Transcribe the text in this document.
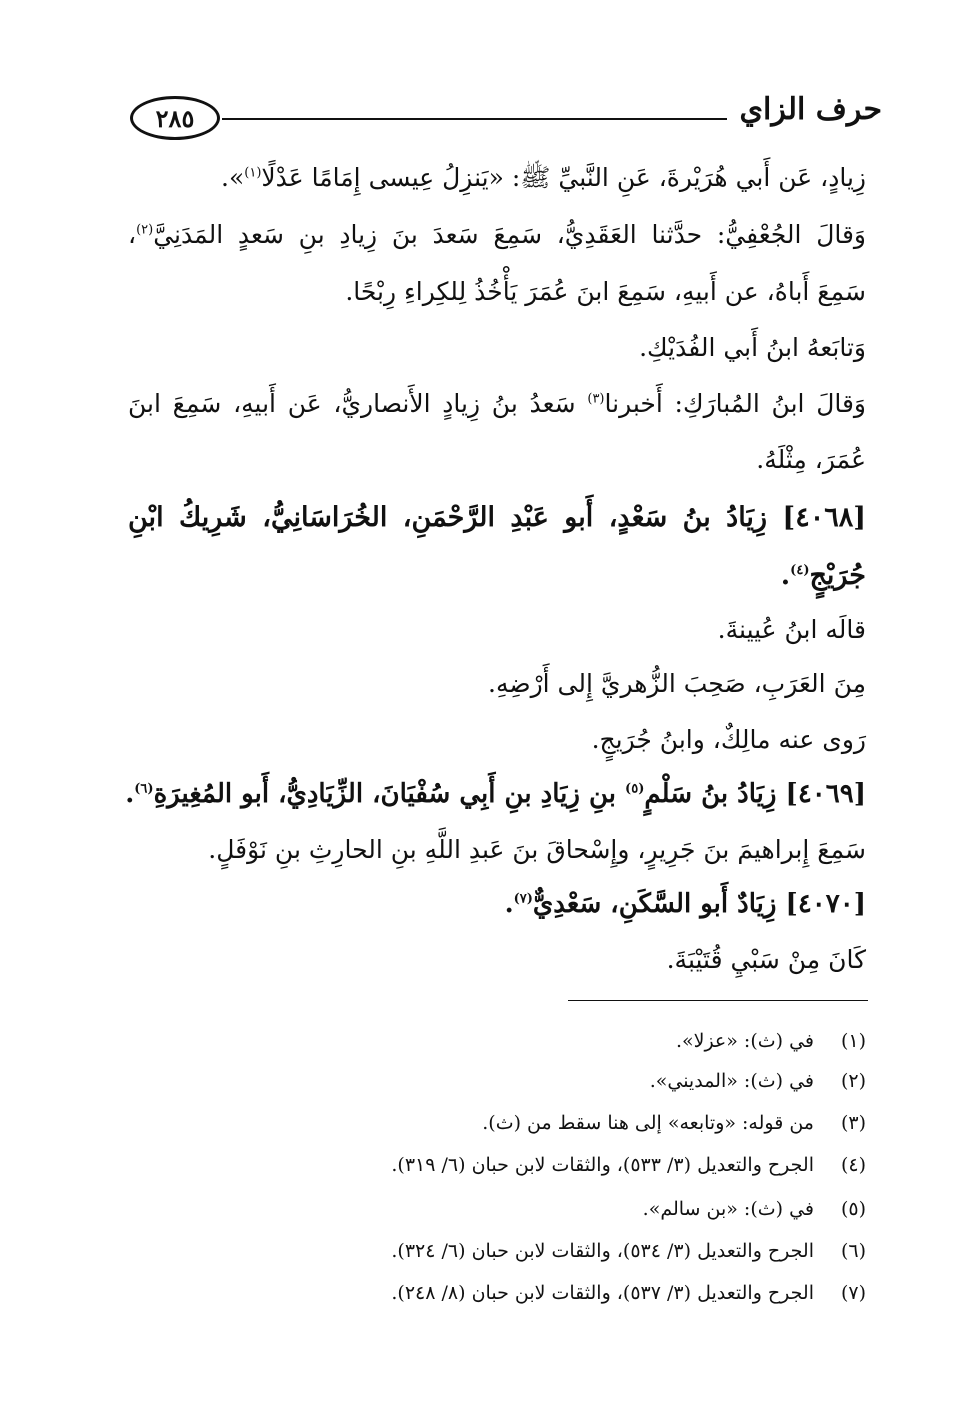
٢٨٥	حرف الزاي
زِيادٍ، عَن أَبي هُرَيْرةَ، عَنِ النَّبيِّ ﷺ: «يَنزِلُ عِيسى إِمَامًا عَدْلًا$^{(١)}$».
وَقالَ الجُعْفِيُّ: حدَّثنا العَقَدِيُّ، سَمِعَ سَعدَ بنَ زِيادِ بنِ سَعدٍ المَدَنِيَّ$^{(٢)}$،
سَمِعَ أَباهُ، عن أَبيهِ، سَمِعَ ابنَ عُمَرَ يَأْخُذُ لِلكِراءِ رِبْحًا.
وَتابَعهُ ابنُ أَبي الفُدَيْكِ.
وَقالَ ابنُ المُبارَكِ: أَخبرنا$^{(٣)}$ سَعدُ بنُ زِيادٍ الأَنصاريُّ، عَن أَبيهِ، سَمِعَ ابنَ
عُمَرَ، مِثْلَهُ.
[٤٠٦٨] زِيَادُ بنُ سَعْدٍ، أَبو عَبْدِ الرَّحْمَنِ، الخُرَاسَانِيُّ، شَرِيكُ ابْنِ
جُرَيْجٍ$^{(٤)}$.
قالَه ابنُ عُيينةَ.
مِنَ العَرَبِ، صَحِبَ الزُّهريَّ إِلى أَرْضِهِ.
رَوى عنه مالِكٌ، وابنُ جُرَيجٍ.
[٤٠٦٩] زِيَادُ بنُ سَلْمٍ$^{(٥)}$ بنِ زِيَادِ بنِ أَبِي سُفْيَانَ، الزِّيَادِيُّ، أَبو المُغِيرَةِ$^{(٦)}$.
سَمِعَ إِبراهيمَ بنَ جَرِيرٍ، وإِسْحاقَ بنَ عَبدِ اللَّهِ بنِ الحارِثِ بنِ نَوْفَلٍ.
[٤٠٧٠] زِيَادٌ أَبو السَّكَنِ، سَعْدِيٌّ$^{(٧)}$.
كَانَ مِنْ سَبْيِ قُتَيْبَةَ.
(١)في (ث): «عزلا».
(٢)في (ث): «المديني».
(٣)من قوله: «وتابعه» إلى هنا سقط من (ث).
(٤)الجرح والتعديل (٣/ ٥٣٣)، والثقات لابن حبان (٦/ ٣١٩).
(٥)في (ث): «بن سالم».
(٦)الجرح والتعديل (٣/ ٥٣٤)، والثقات لابن حبان (٦/ ٣٢٤).
(٧)الجرح والتعديل (٣/ ٥٣٧)، والثقات لابن حبان (٨/ ٢٤٨).
